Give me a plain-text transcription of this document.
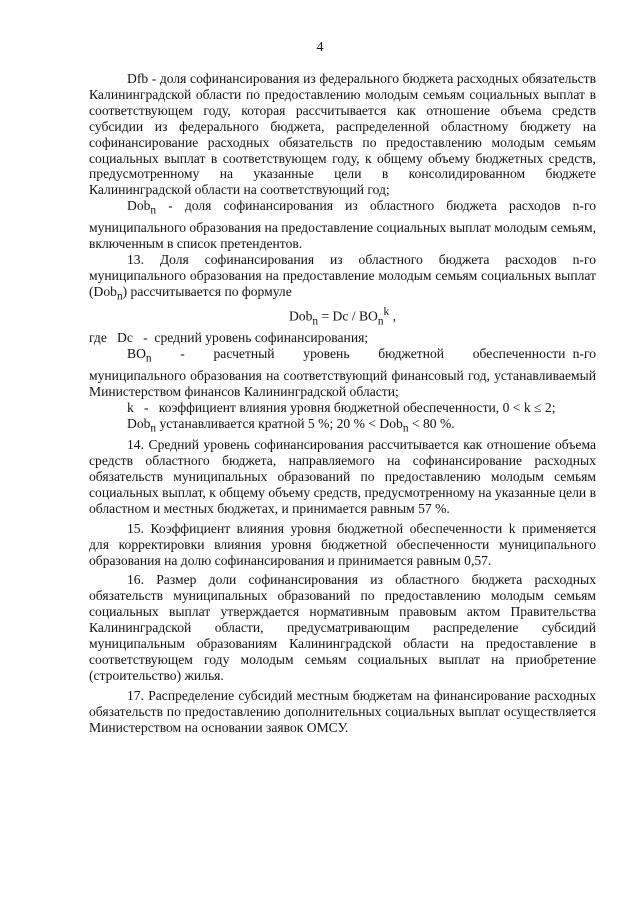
4

Dfb - доля софинансирования из федерального бюджета расходных обязательств Калининградской области по предоставлению молодым семьям социальных выплат в соответствующем году, которая рассчитывается как отношение объема средств субсидии из федерального бюджета, распределенной областному бюджету на софинансирование расходных обязательств по предоставлению молодым семьям социальных выплат в соответствующем году, к общему объему бюджетных средств, предусмотренному на указанные цели в консолидированном бюджете Калининградской области на соответствующий год;

Dob$_n$ - доля софинансирования из областного бюджета расходов n-го муниципального образования на предоставление социальных выплат молодым семьям, включенным в список претендентов.

13. Доля софинансирования из областного бюджета расходов n-го муниципального образования на предоставление молодым семьям социальных выплат (Dob$_n$) рассчитывается по формуле

$Dob_n = Dc / BO_n^k$ ,

где   Dc   -  средний уровень софинансирования;

$BO_n$    -    расчетный    уровень    бюджетной    обеспеченности n-го муниципального образования на соответствующий финансовый год, устанавливаемый Министерством финансов Калининградской области;

k   -   коэффициент влияния уровня бюджетной обеспеченности, 0 < k ≤ 2;

Dob$_n$ устанавливается кратной 5 %; 20 % < Dob$_n$ < 80 %.

14. Средний уровень софинансирования рассчитывается как отношение объема средств областного бюджета, направляемого на софинансирование расходных обязательств муниципальных образований по предоставлению молодым семьям социальных выплат, к общему объему средств, предусмотренному на указанные цели в областном и местных бюджетах, и принимается равным 57 %.

15. Коэффициент влияния уровня бюджетной обеспеченности k применяется для корректировки влияния уровня бюджетной обеспеченности муниципального образования на долю софинансирования и принимается равным 0,57.

16. Размер доли софинансирования из областного бюджета расходных обязательств муниципальных образований по предоставлению молодым семьям социальных выплат утверждается нормативным правовым актом Правительства Калининградской области, предусматривающим распределение субсидий муниципальным образованиям Калининградской области на предоставление в соответствующем году молодым семьям социальных выплат на приобретение (строительство) жилья.

17. Распределение субсидий местным бюджетам на финансирование расходных обязательств по предоставлению дополнительных социальных выплат осуществляется Министерством на основании заявок ОМСУ.
